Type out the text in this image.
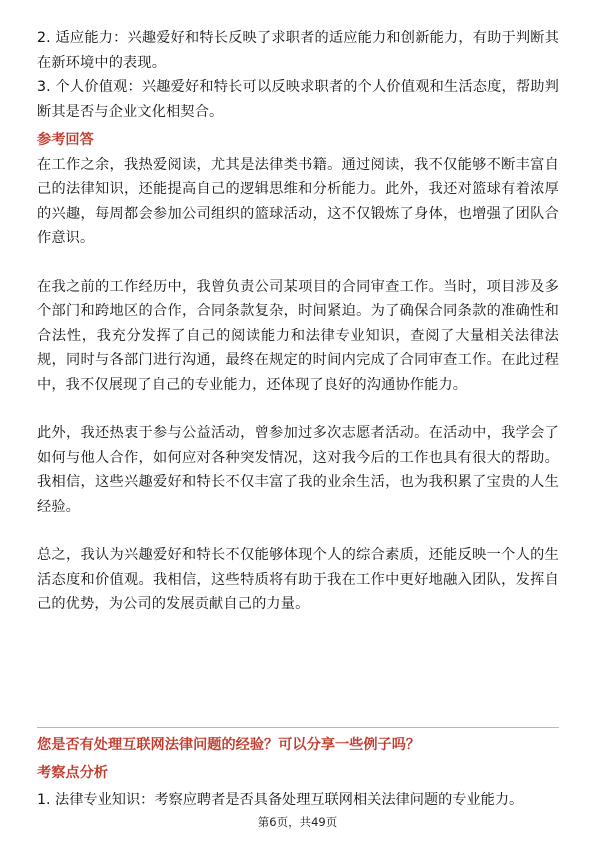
2. 适应能力：兴趣爱好和特长反映了求职者的适应能力和创新能力，有助于判断其在新环境中的表现。

3. 个人价值观：兴趣爱好和特长可以反映求职者的个人价值观和生活态度，帮助判断其是否与企业文化相契合。

参考回答

在工作之余，我热爱阅读，尤其是法律类书籍。通过阅读，我不仅能够不断丰富自己的法律知识，还能提高自己的逻辑思维和分析能力。此外，我还对篮球有着浓厚的兴趣，每周都会参加公司组织的篮球活动，这不仅锻炼了身体，也增强了团队合作意识。

在我之前的工作经历中，我曾负责公司某项目的合同审查工作。当时，项目涉及多个部门和跨地区的合作，合同条款复杂，时间紧迫。为了确保合同条款的准确性和合法性，我充分发挥了自己的阅读能力和法律专业知识，查阅了大量相关法律法规，同时与各部门进行沟通，最终在规定的时间内完成了合同审查工作。在此过程中，我不仅展现了自己的专业能力，还体现了良好的沟通协作能力。

此外，我还热衷于参与公益活动，曾参加过多次志愿者活动。在活动中，我学会了如何与他人合作，如何应对各种突发情况，这对我今后的工作也具有很大的帮助。我相信，这些兴趣爱好和特长不仅丰富了我的业余生活，也为我积累了宝贵的人生经验。

总之，我认为兴趣爱好和特长不仅能够体现个人的综合素质，还能反映一个人的生活态度和价值观。我相信，这些特质将有助于我在工作中更好地融入团队，发挥自己的优势，为公司的发展贡献自己的力量。

您是否有处理互联网法律问题的经验？可以分享一些例子吗？

考察点分析

1. 法律专业知识：考察应聘者是否具备处理互联网相关法律问题的专业能力。

第6页，共49页
